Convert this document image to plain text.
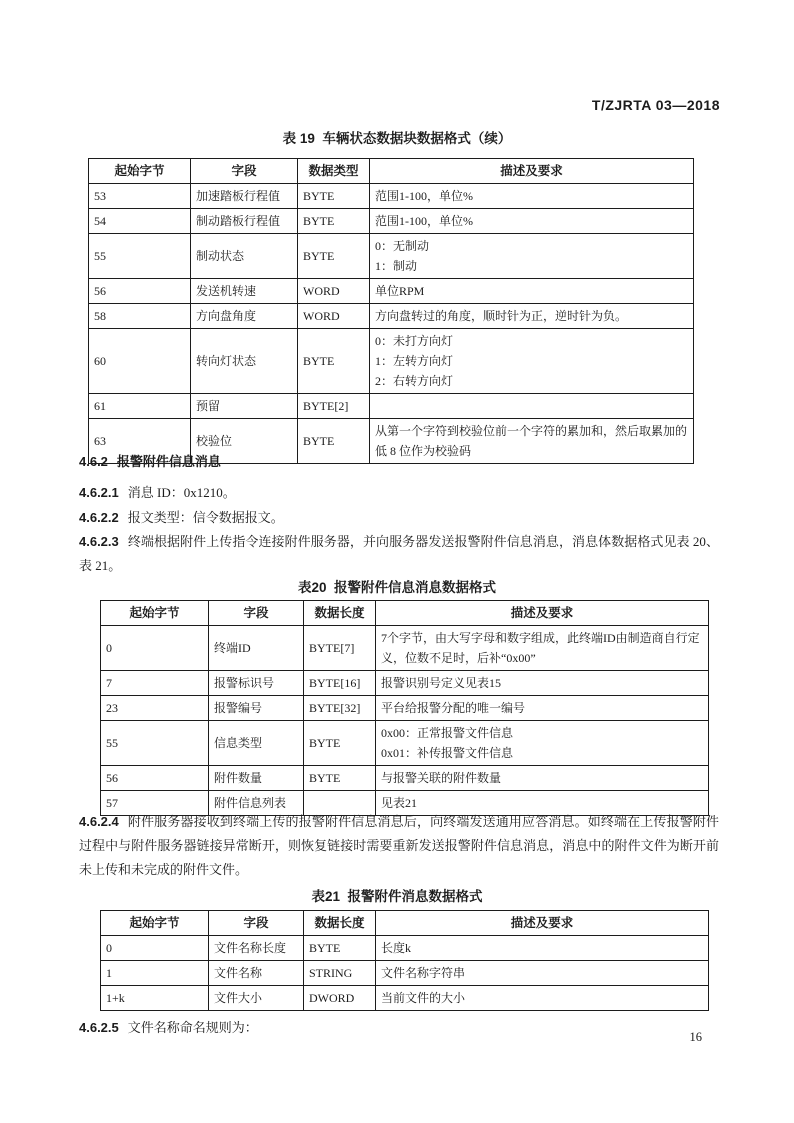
T/ZJRTA 03—2018
表 19  车辆状态数据块数据格式（续）
起始字节	字段	数据类型	描述及要求
53	加速踏板行程值	BYTE	范围1-100，单位%
54	制动踏板行程值	BYTE	范围1-100，单位%
55	制动状态	BYTE	0：无制动
1：制动

56	发送机转速	WORD	单位RPM
58	方向盘角度	WORD	方向盘转过的角度，顺时针为正，逆时针为负。
60	转向灯状态	BYTE	0：未打方向灯
1：左转方向灯
2：右转方向灯

61	预留	BYTE[2]	
63	校验位	BYTE	从第一个字符到校验位前一个字符的累加和，然后取累加的低 8 位作为校验码
4.6.2 报警附件信息消息
4.6.2.1 消息 ID：0x1210。
4.6.2.2 报文类型：信令数据报文。
4.6.2.3 终端根据附件上传指令连接附件服务器，并向服务器发送报警附件信息消息，消息体数据格式见表 20、表 21。
表20  报警附件信息消息数据格式
起始字节	字段	数据长度	描述及要求
0	终端ID	BYTE[7]	7个字节，由大写字母和数字组成，此终端ID由制造商自行定义，位数不足时，后补“0x00”
7	报警标识号	BYTE[16]	报警识别号定义见表15
23	报警编号	BYTE[32]	平台给报警分配的唯一编号
55	信息类型	BYTE	0x00：正常报警文件信息
0x01：补传报警文件信息

56	附件数量	BYTE	与报警关联的附件数量
57	附件信息列表		见表21
4.6.2.4 附件服务器接收到终端上传的报警附件信息消息后，向终端发送通用应答消息。如终端在上传报警附件过程中与附件服务器链接异常断开，则恢复链接时需要重新发送报警附件信息消息，消息中的附件文件为断开前未上传和未完成的附件文件。
表21  报警附件消息数据格式
起始字节	字段	数据长度	描述及要求
0	文件名称长度	BYTE	长度k
1	文件名称	STRING	文件名称字符串
1+k	文件大小	DWORD	当前文件的大小
4.6.2.5 文件名称命名规则为：
16
